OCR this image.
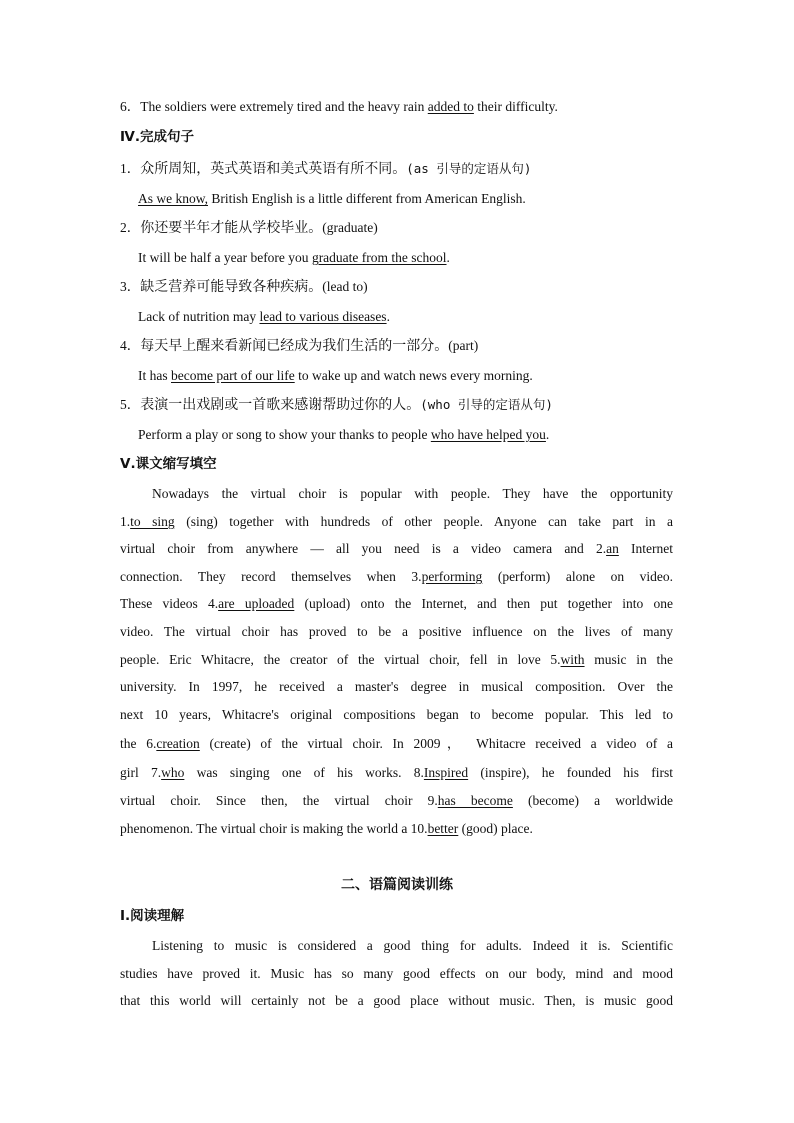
6．The soldiers were extremely tired and the heavy rain added to their difficulty.
Ⅳ.完成句子
1．众所周知，英式英语和美式英语有所不同。(as 引导的定语从句)
As we know, British English is a little different from American English.
2．你还要半年才能从学校毕业。(graduate)
It will be half a year before you graduate from the school.
3．缺乏营养可能导致各种疾病。(lead to)
Lack of nutrition may lead to various diseases.
4．每天早上醒来看新闻已经成为我们生活的一部分。(part)
It has become part of our life to wake up and watch news every morning.
5．表演一出戏剧或一首歌来感谢帮助过你的人。(who 引导的定语从句)
Perform a play or song to show your thanks to people who have helped you.
Ⅴ.课文缩写填空
Nowadays the virtual choir is popular with people. They have the opportunity
1.to sing (sing) together with hundreds of other people. Anyone can take part in a
virtual choir from anywhere — all you need is a video camera and 2.an Internet
connection. They record themselves when 3.performing (perform) alone on video.
These videos 4.are uploaded (upload) onto the Internet, and then put together into one
video. The virtual choir has proved to be a positive influence on the lives of many
people. Eric Whitacre, the creator of the virtual choir, fell in love 5.with music in the
university. In 1997, he received a master's degree in musical composition. Over the
next 10 years, Whitacre's original compositions began to become popular. This led to
the 6.creation (create) of the virtual choir. In 2009， Whitacre received a video of a
girl 7.who was singing one of his works. 8.Inspired (inspire), he founded his first
virtual choir. Since then, the virtual choir 9.has become (become) a worldwide
phenomenon. The virtual choir is making the world a 10.better (good) place.
二、语篇阅读训练
Ⅰ.阅读理解
Listening to music is considered a good thing for adults. Indeed it is. Scientific
studies have proved it. Music has so many good effects on our body, mind and mood
that this world will certainly not be a good place without music. Then, is music good
